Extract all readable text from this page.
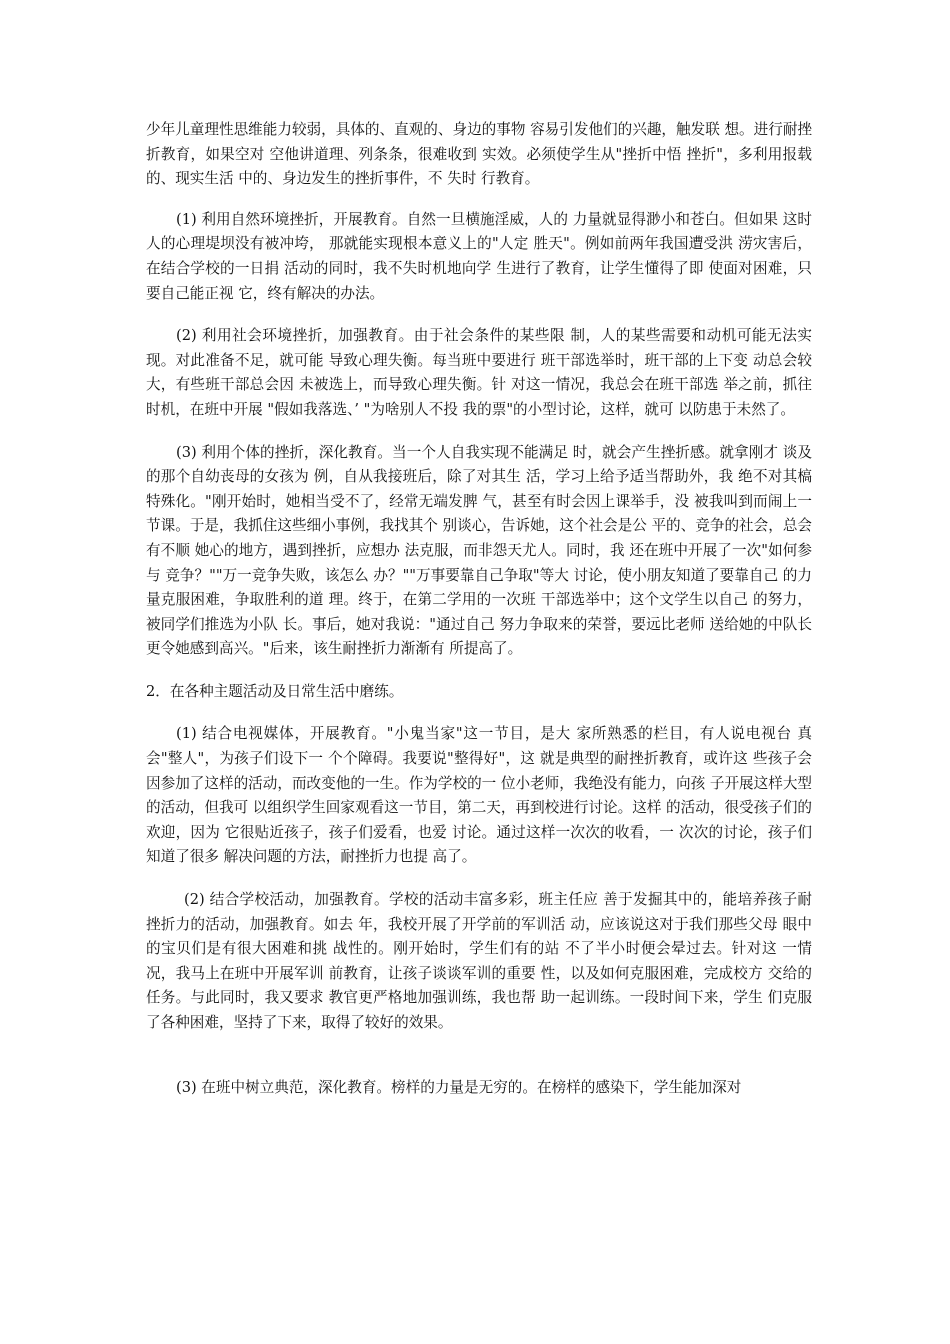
少年儿童理性思维能力较弱，具体的、直观的、身边的事物 容易引发他们的兴趣，触发联 想。进行耐挫折教育，如果空对 空他讲道理、列条条，很难收到 实效。必须使学生从"挫折中悟 挫折"，多利用报载的、现实生活 中的、身边发生的挫折事件，不 失时 行教育。

(1) 利用自然环境挫折，开展教育。自然一旦横施淫威，人的 力量就显得渺小和苍白。但如果 这时人的心理堤坝没有被冲垮， 那就能实现根本意义上的"人定 胜天"。例如前两年我国遭受洪 涝灾害后，在结合学校的一日捐 活动的同时，我不失时机地向学 生进行了教育，让学生懂得了即 使面对困难，只要自己能正视 它，终有解决的办法。

(2) 利用社会环境挫折，加强教育。由于社会条件的某些限 制，人的某些需要和动机可能无法实现。对此准备不足，就可能 导致心理失衡。每当班中要进行 班干部选举时，班干部的上下变 动总会较大，有些班干部总会因 未被选上，而导致心理失衡。针 对这一情况，我总会在班干部选 举之前，抓往时机，在班中开展 "假如我落选、’ "为啥别人不投 我的票"的小型讨论，这样，就可 以防患于未然了。

(3) 利用个体的挫折，深化教育。当一个人自我实现不能满足 时，就会产生挫折感。就拿刚才 谈及的那个自幼丧母的女孩为 例，自从我接班后，除了对其生 活，学习上给予适当帮助外，我 绝不对其槁特殊化。"刚开始时，她相当受不了，经常无端发脾 气，甚至有时会因上课举手，没 被我叫到而闹上一节课。于是，我抓住这些细小事例，我找其个 别谈心，告诉她，这个社会是公 平的、竞争的社会，总会有不顺 她心的地方，遇到挫折，应想办 法克服，而非怨天尤人。同时，我 还在班中开展了一次"如何参与 竞争？""万一竞争失败，该怎么 办？""万事要靠自己争取"等大 讨论，使小朋友知道了要靠自己 的力量克服困难，争取胜利的道 理。终于，在第二学用的一次班 干部选举中；这个文学生以自己 的努力，被同学们推选为小队 长。事后，她对我说："通过自己 努力争取来的荣誉，要远比老师 送给她的中队长更令她感到高兴。"后来，该生耐挫折力渐渐有 所提高了。

2．在各种主题活动及日常生活中磨练。

(1) 结合电视媒体，开展教育。"小鬼当家"这一节目，是大 家所熟悉的栏目，有人说电视台 真会"整人"，为孩子们设下一 个个障碍。我要说"整得好"，这 就是典型的耐挫折教育，或许这 些孩子会因参加了这样的活动，而改变他的一生。作为学校的一 位小老师，我绝没有能力，向孩 子开展这样大型的活动，但我可 以组织学生回家观看这一节目，第二天，再到校进行讨论。这样 的活动，很受孩子们的欢迎，因为 它很贴近孩子，孩子们爱看，也爱 讨论。通过这样一次次的收看，一 次次的讨论，孩子们知道了很多 解决问题的方法，耐挫折力也提 高了。

(2) 结合学校活动，加强教育。学校的活动丰富多彩，班主任应 善于发掘其中的，能培养孩子耐 挫折力的活动，加强教育。如去 年，我校开展了开学前的军训活 动，应该说这对于我们那些父母 眼中的宝贝们是有很大困难和挑 战性的。刚开始时，学生们有的站 不了半小时便会晕过去。针对这 一情况，我马上在班中开展军训 前教育，让孩子谈谈军训的重要 性，以及如何克服困难，完成校方 交给的任务。与此同时，我又要求 教官更严格地加强训练，我也帮 助一起训练。一段时间下来，学生 们克服了各种困难，坚持了下来，取得了较好的效果。

(3) 在班中树立典范，深化教育。榜样的力量是无穷的。在榜样的感染下，学生能加深对
